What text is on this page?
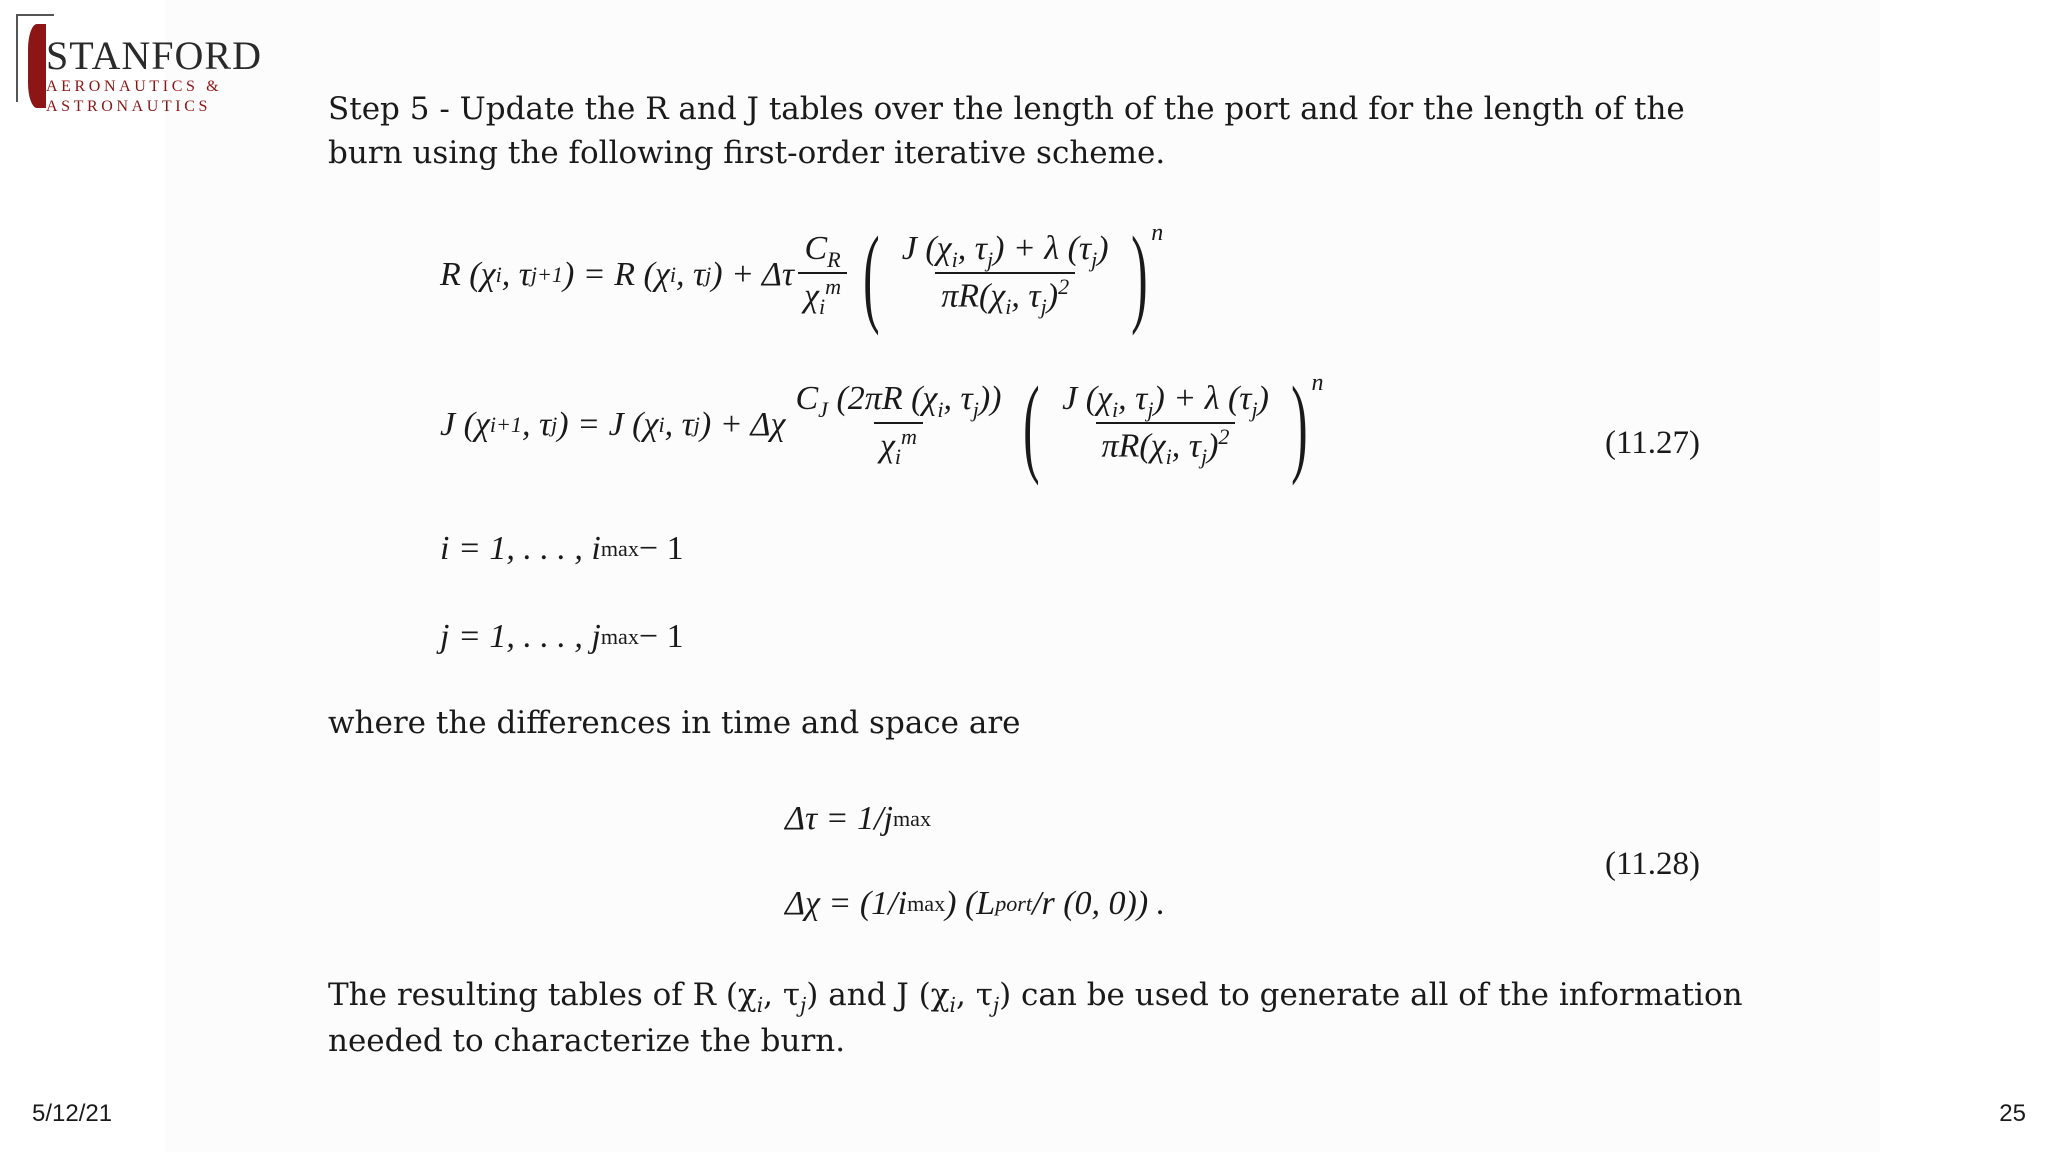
STANFORD
AERONAUTICS &
ASTRONAUTICS	Step 5 - Update the R and J tables over the length of the port and for the length of the
burn using the following first-order iterative scheme.
R (χ i , τ j+1 ) = R (χ i , τ j ) + Δτ $\frac{C_R}{\chi_i^m}$ ( $\frac{J (\chi_i, \tau_j) + \lambda (\tau_j)}{\pi R(\chi_i, \tau_j)^2}$ ) n
J (χ i+1 , τ j ) = J (χ i , τ j ) + Δχ $\frac{C_J (2\pi R (\chi_i, \tau_j))}{\chi_i^m}$ ( $\frac{J (\chi_i, \tau_j) + \lambda (\tau_j)}{\pi R(\chi_i, \tau_j)^2}$ ) n
(11.27)
i = 1, . . . , i max − 1
j = 1, . . . , j max − 1
where the differences in time and space are
Δτ = 1/j max
Δχ = (1/i max ) (L port /r (0, 0)) .
(11.28)
The resulting tables of R ($\chi_i$, $\tau_j$) and J ($\chi_i$, $\tau_j$) can be used to generate all of the information
needed to characterize the burn.
5/12/21	25
